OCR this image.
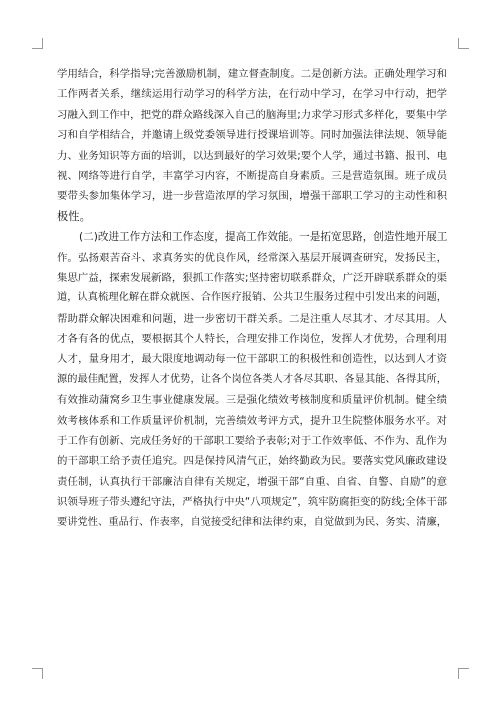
学用结合，科学指导;完善激励机制，建立督查制度。二是创新方法。正确处理学习和
工作两者关系，继续运用行动学习的科学方法，在行动中学习，在学习中行动，把学
习融入到工作中，把党的群众路线深入自己的脑海里;力求学习形式多样化，要集中学
习和自学相结合，并邀请上级党委领导进行授课培训等。同时加强法律法规、领导能
力、业务知识等方面的培训，以达到最好的学习效果;要个人学，通过书籍、报刊、电
视、网络等进行自学，丰富学习内容，不断提高自身素质。三是营造氛围。班子成员
要带头参加集体学习，进一步营造浓厚的学习氛围，增强干部职工学习的主动性和积
极性。
(二)改进工作方法和工作态度，提高工作效能。一是拓宽思路，创造性地开展工
作。弘扬艰苦奋斗、求真务实的优良作风，经常深入基层开展调查研究，发扬民主，
集思广益，探索发展新路，狠抓工作落实;坚持密切联系群众，广泛开辟联系群众的渠
道，认真梳理化解在群众就医、合作医疗报销、公共卫生服务过程中引发出来的问题，
帮助群众解决困难和问题，进一步密切干群关系。二是注重人尽其才、才尽其用。人
才各有各的优点，要根据其个人特长，合理安排工作岗位，发挥人才优势，合理利用
人才，量身用才，最大限度地调动每一位干部职工的积极性和创造性，以达到人才资
源的最佳配置，发挥人才优势，让各个岗位各类人才各尽其职、各显其能、各得其所，
有效推动蒲窝乡卫生事业健康发展。三是强化绩效考核制度和质量评价机制。健全绩
效考核体系和工作质量评价机制，完善绩效考评方式，提升卫生院整体服务水平。对
于工作有创新、完成任务好的干部职工要给予表彰;对于工作效率低、不作为、乱作为
的干部职工给予责任追究。四是保持风清气正，始终勤政为民。要落实党风廉政建设
责任制，认真执行干部廉洁自律有关规定，增强干部“自重、自省、自警、自励”的意
识领导班子带头遵纪守法，严格执行中央“八项规定”，筑牢防腐拒变的防线;全体干部
要讲党性、重品行、作表率，自觉接受纪律和法律约束，自觉做到为民、务实、清廉，
